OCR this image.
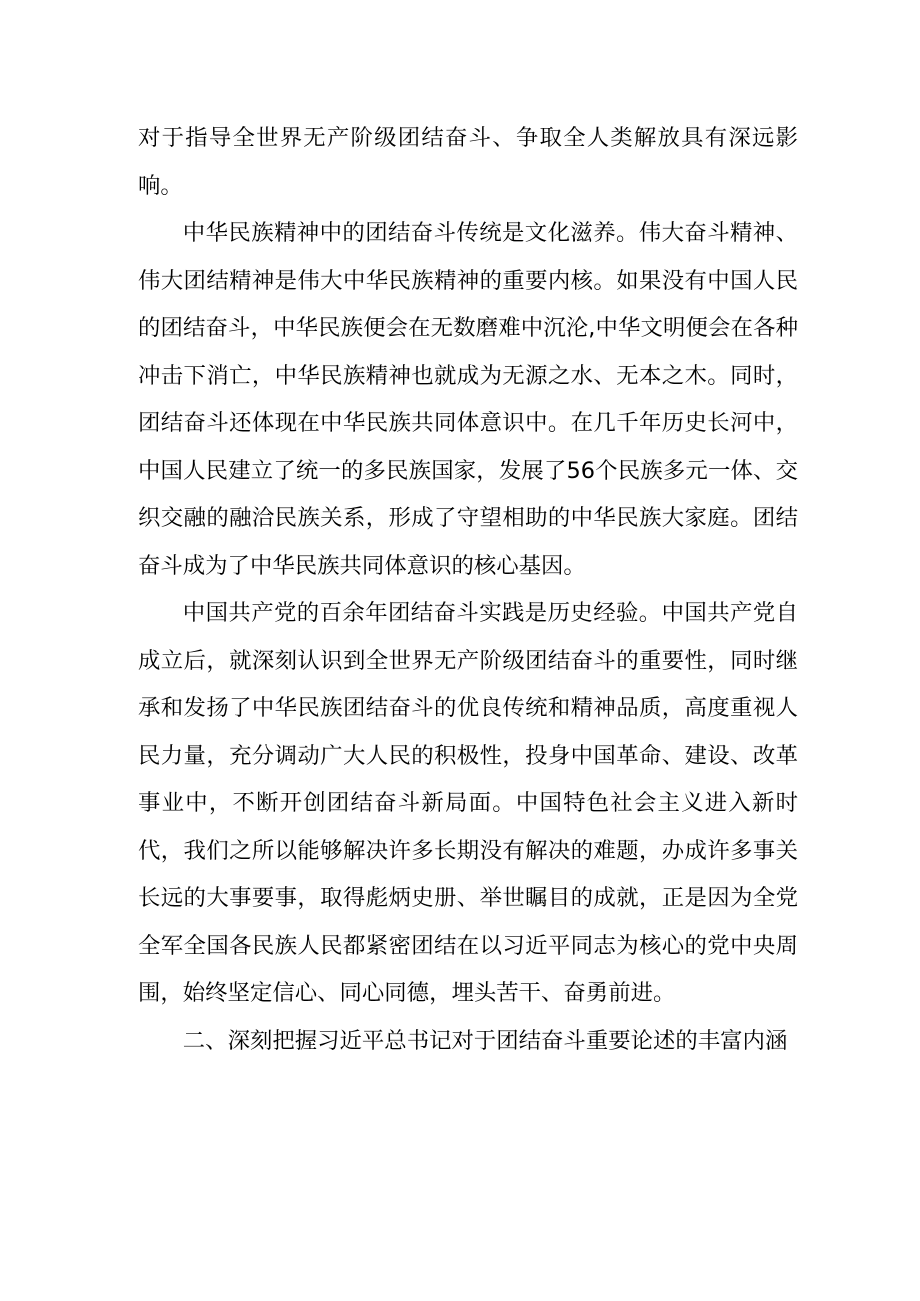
对于指导全世界无产阶级团结奋斗、争取全人类解放具有深远影响。

中华民族精神中的团结奋斗传统是文化滋养。伟大奋斗精神、伟大团结精神是伟大中华民族精神的重要内核。如果没有中国人民的团结奋斗，中华民族便会在无数磨难中沉沦,中华文明便会在各种冲击下消亡，中华民族精神也就成为无源之水、无本之木。同时，团结奋斗还体现在中华民族共同体意识中。在几千年历史长河中，中国人民建立了统一的多民族国家，发展了56个民族多元一体、交织交融的融洽民族关系，形成了守望相助的中华民族大家庭。团结奋斗成为了中华民族共同体意识的核心基因。

中国共产党的百余年团结奋斗实践是历史经验。中国共产党自成立后，就深刻认识到全世界无产阶级团结奋斗的重要性，同时继承和发扬了中华民族团结奋斗的优良传统和精神品质，高度重视人民力量，充分调动广大人民的积极性，投身中国革命、建设、改革事业中，不断开创团结奋斗新局面。中国特色社会主义进入新时代，我们之所以能够解决许多长期没有解决的难题，办成许多事关长远的大事要事，取得彪炳史册、举世瞩目的成就，正是因为全党全军全国各民族人民都紧密团结在以习近平同志为核心的党中央周围，始终坚定信心、同心同德，埋头苦干、奋勇前进。

二、深刻把握习近平总书记对于团结奋斗重要论述的丰富内涵
